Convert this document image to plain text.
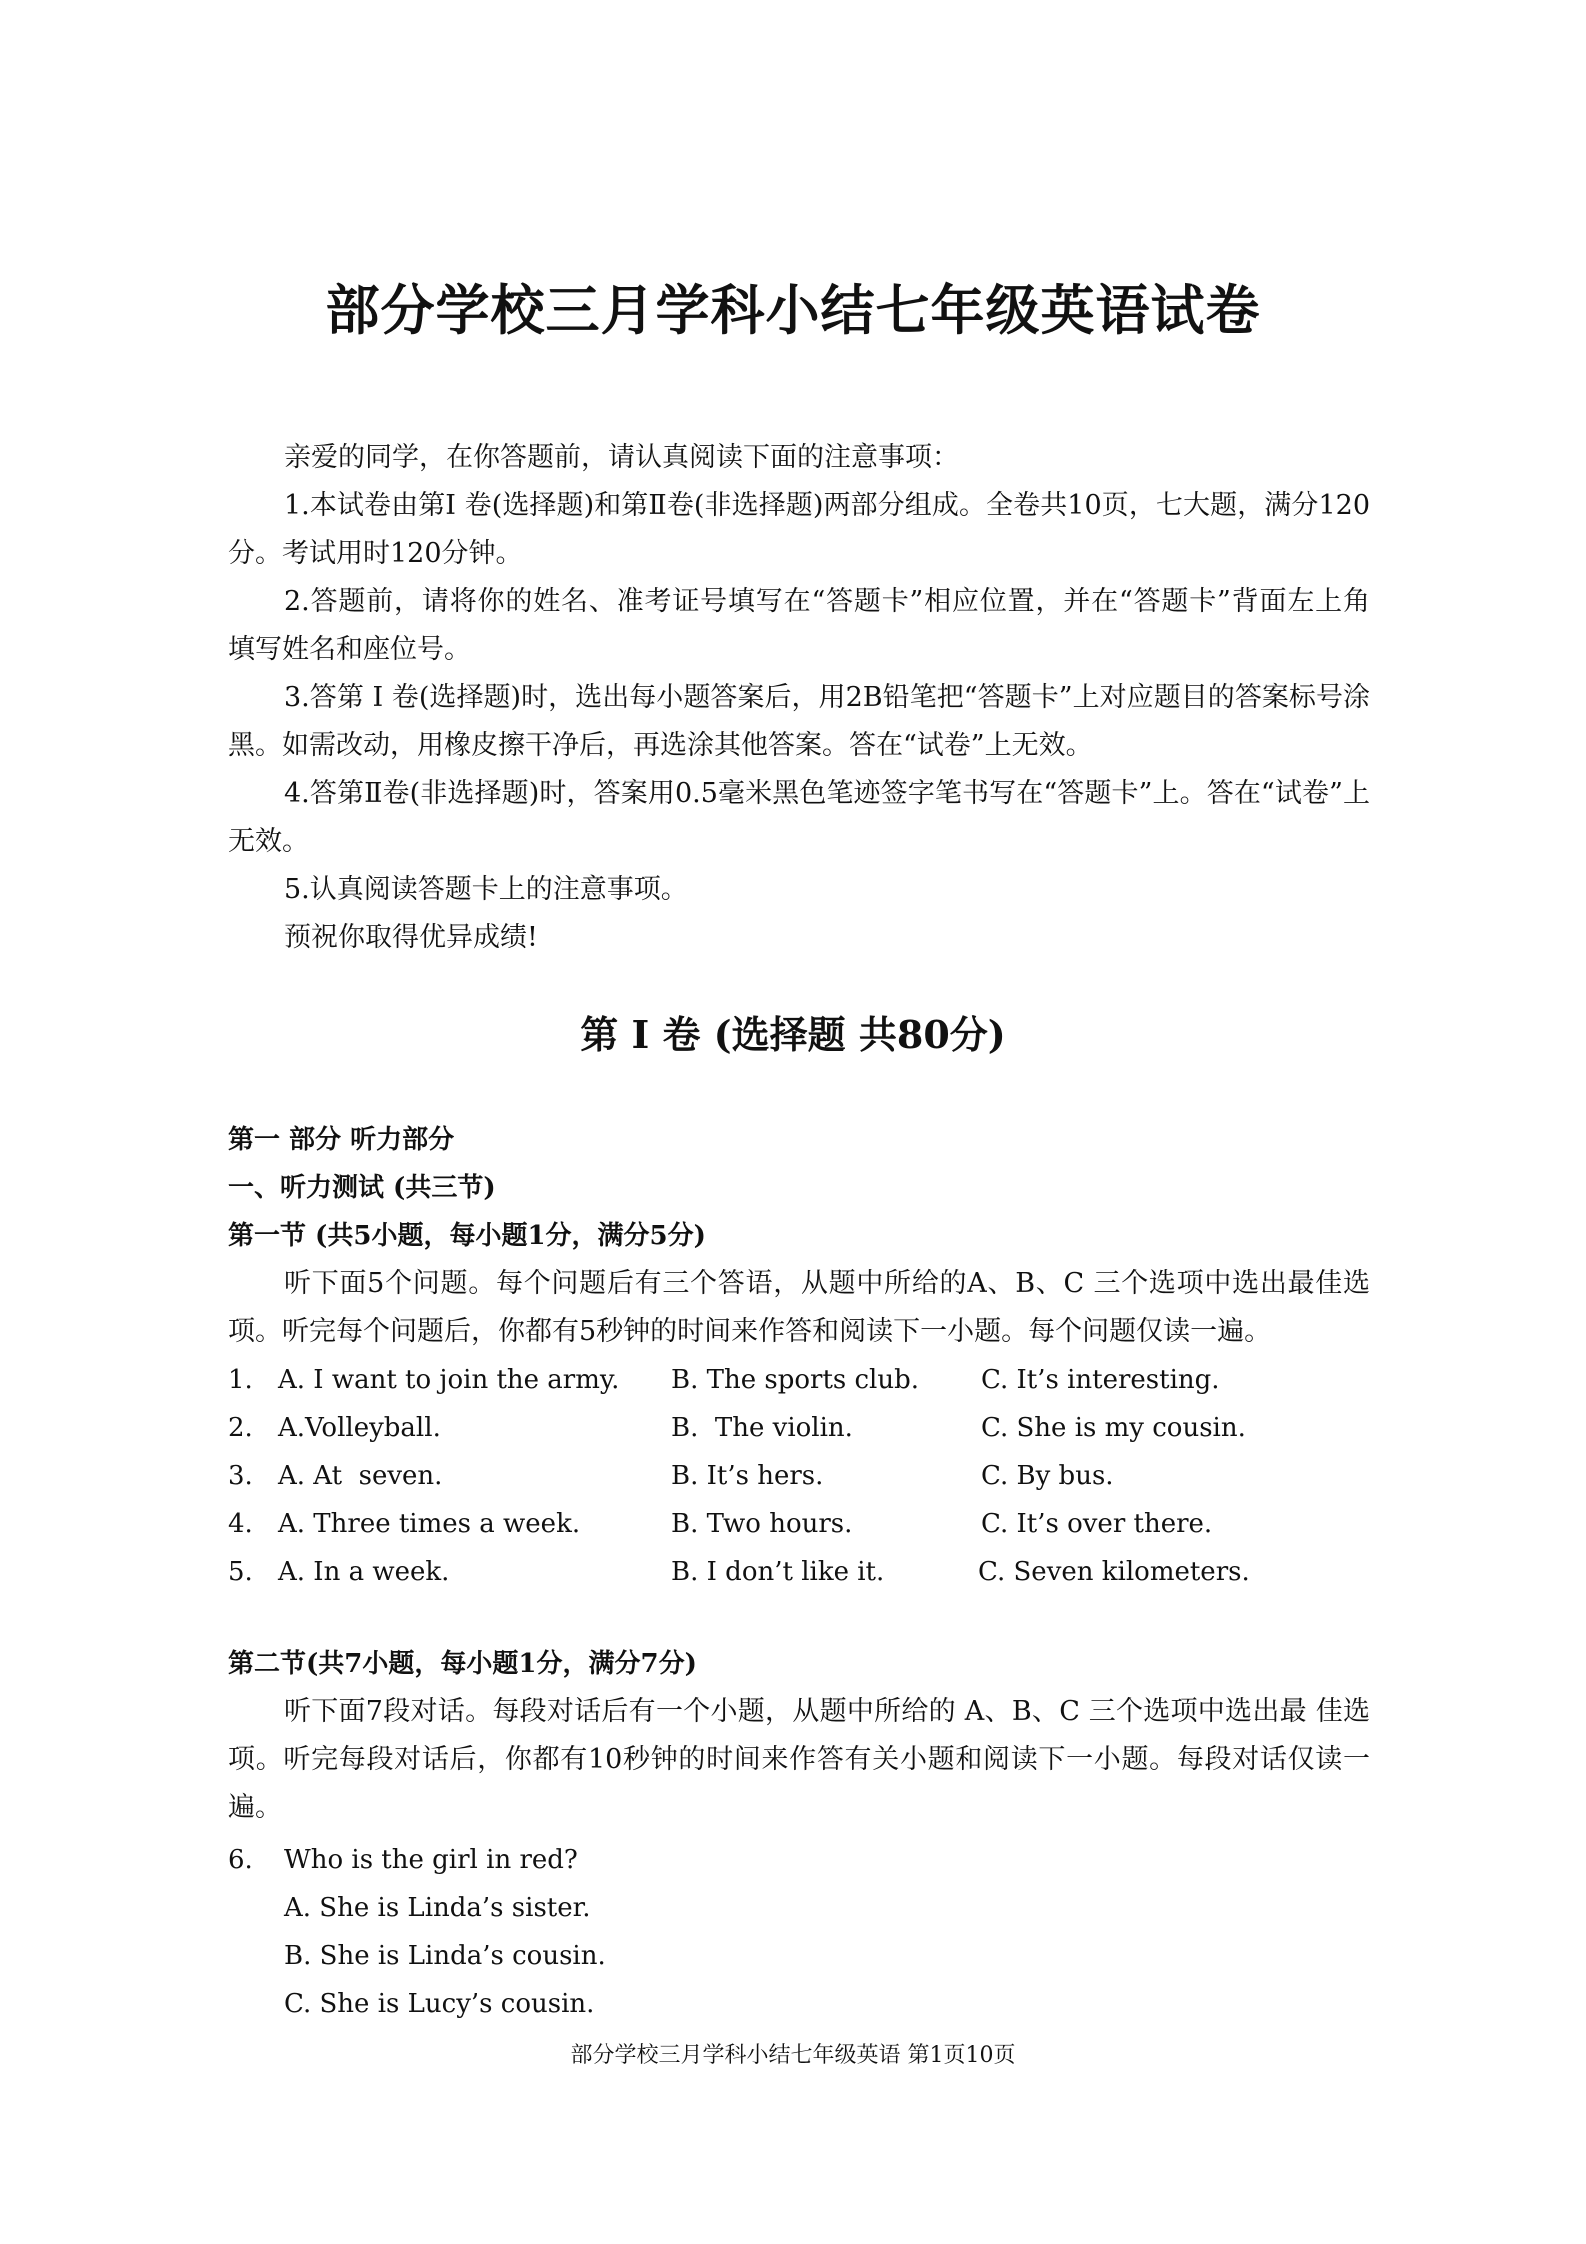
部分学校三月学科小结七年级英语试卷

亲爱的同学，在你答题前，请认真阅读下面的注意事项：

1.本试卷由第I 卷(选择题)和第Ⅱ卷(非选择题)两部分组成。全卷共10页，七大题，满分120分。考试用时120分钟。

2.答题前，请将你的姓名、准考证号填写在“答题卡”相应位置，并在“答题卡”背面左上角 填写姓名和座位号。

3.答第 I 卷(选择题)时，选出每小题答案后，用2B铅笔把“答题卡”上对应题目的答案标号涂黑。如需改动，用橡皮擦干净后，再选涂其他答案。答在“试卷”上无效。

4.答第Ⅱ卷(非选择题)时，答案用0.5毫米黑色笔迹签字笔书写在“答题卡”上。答在“试卷”上无效。

5.认真阅读答题卡上的注意事项。

预祝你取得优异成绩!

第 I 卷 (选择题 共80分)
第一 部分 听力部分
一、听力测试 (共三节)
第一节 (共5小题，每小题1分，满分5分)

听下面5个问题。每个问题后有三个答语，从题中所给的A、B、C 三个选项中选出最佳选项。听完每个问题后，你都有5秒钟的时间来作答和阅读下一小题。每个问题仅读一遍。

1. A. I want to join the army. B. The sports club. C. It’s interesting.
2. A.Volleyball.	B.  The violin.	C. She is my cousin.
3. A. At  seven.	B. It’s hers.	C. By bus.
4. A. Three times a week.	B. Two hours.	C. It’s over there.
5. A. In a week.	B. I don’t like it.	C. Seven kilometers.
第二节(共7小题，每小题1分，满分7分)

听下面7段对话。每段对话后有一个小题，从题中所给的 A、B、C 三个选项中选出最 佳选项。听完每段对话后，你都有10秒钟的时间来作答有关小题和阅读下一小题。每段对话仅读一遍。

6. Who is the girl in red?
A. She is Linda’s sister.
B. She is Linda’s cousin.
C. She is Lucy’s cousin.
部分学校三月学科小结七年级英语 第1页10页
